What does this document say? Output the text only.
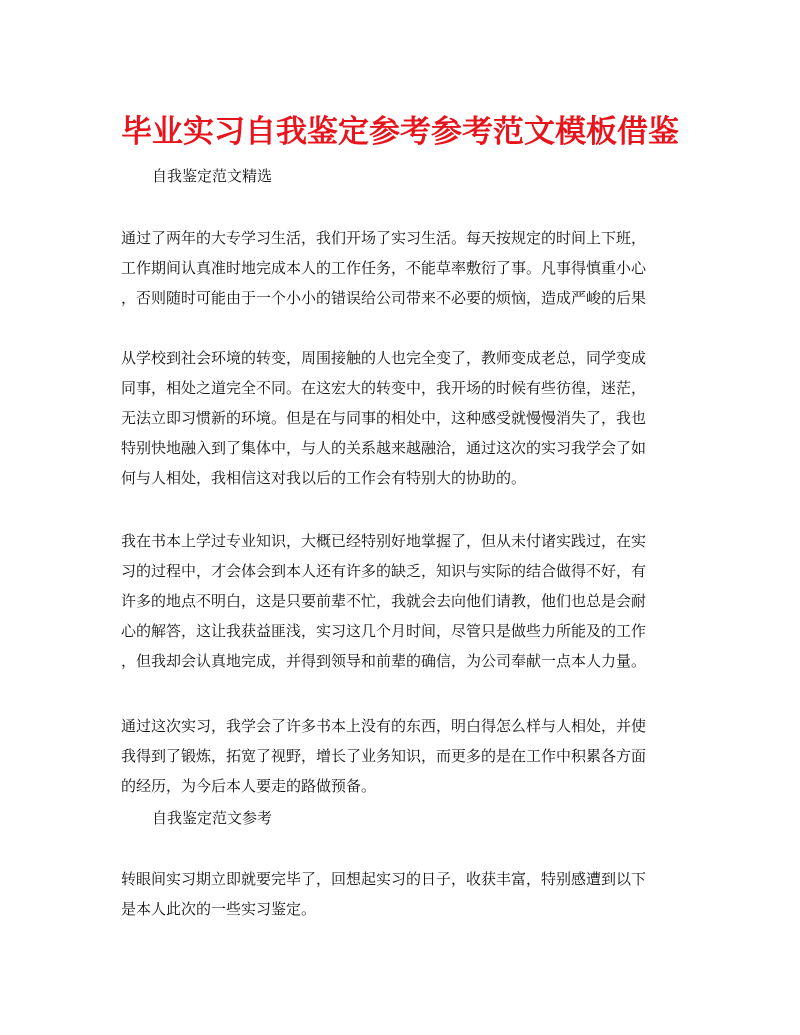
毕业实习自我鉴定参考参考范文模板借鉴
自我鉴定范文精选
通过了两年的大专学习生活，我们开场了实习生活。每天按规定的时间上下班，
工作期间认真准时地完成本人的工作任务，不能草率敷衍了事。凡事得慎重小心
，否则随时可能由于一个小小的错误给公司带来不必要的烦恼，造成严峻的后果
从学校到社会环境的转变，周围接触的人也完全变了，教师变成老总，同学变成
同事，相处之道完全不同。在这宏大的转变中，我开场的时候有些彷徨，迷茫，
无法立即习惯新的环境。但是在与同事的相处中，这种感受就慢慢消失了，我也
特别快地融入到了集体中，与人的关系越来越融洽，通过这次的实习我学会了如
何与人相处，我相信这对我以后的工作会有特别大的协助的。
我在书本上学过专业知识，大概已经特别好地掌握了，但从未付诸实践过，在实
习的过程中，才会体会到本人还有许多的缺乏，知识与实际的结合做得不好，有
许多的地点不明白，这是只要前辈不忙，我就会去向他们请教，他们也总是会耐
心的解答，这让我获益匪浅，实习这几个月时间，尽管只是做些力所能及的工作
，但我却会认真地完成，并得到领导和前辈的确信，为公司奉献一点本人力量。
通过这次实习，我学会了许多书本上没有的东西，明白得怎么样与人相处，并使
我得到了锻炼，拓宽了视野，增长了业务知识，而更多的是在工作中积累各方面
的经历，为今后本人要走的路做预备。
自我鉴定范文参考
转眼间实习期立即就要完毕了，回想起实习的日子，收获丰富，特别感遭到以下
是本人此次的一些实习鉴定。
